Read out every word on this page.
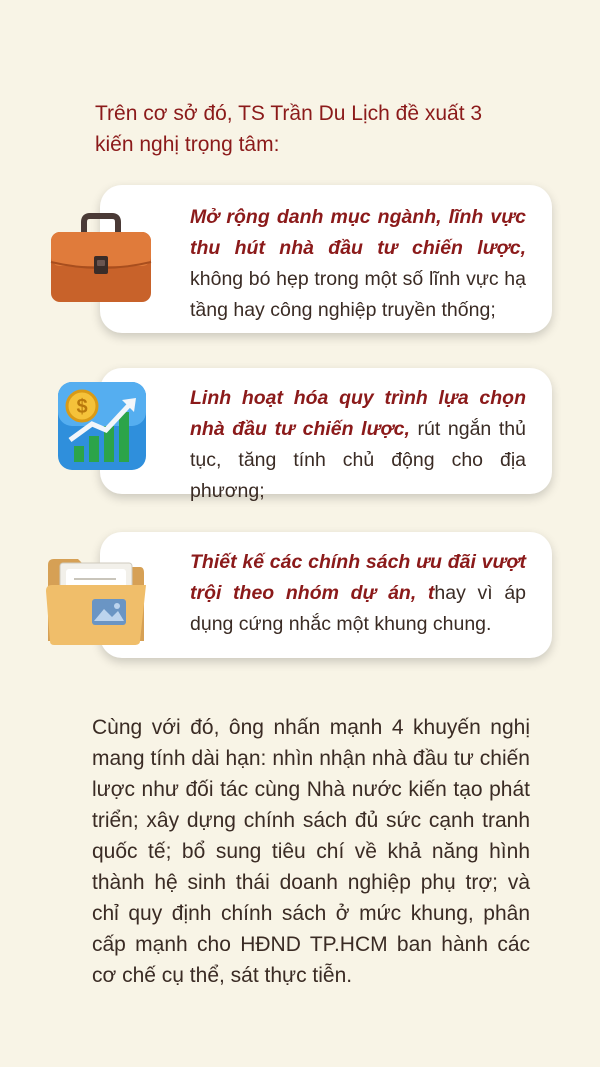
Trên cơ sở đó, TS Trần Du Lịch đề xuất 3 kiến nghị trọng tâm:
Mở rộng danh mục ngành, lĩnh vực thu hút nhà đầu tư chiến lược, không bó hẹp trong một số lĩnh vực hạ tầng hay công nghiệp truyền thống;
Linh hoạt hóa quy trình lựa chọn nhà đầu tư chiến lược, rút ngắn thủ tục, tăng tính chủ động cho địa phương;
$
Thiết kế các chính sách ưu đãi vượt trội theo nhóm dự án, thay vì áp dụng cứng nhắc một khung chung.
Cùng với đó, ông nhấn mạnh 4 khuyến nghị mang tính dài hạn: nhìn nhận nhà đầu tư chiến lược như đối tác cùng Nhà nước kiến tạo phát triển; xây dựng chính sách đủ sức cạnh tranh quốc tế; bổ sung tiêu chí về khả năng hình thành hệ sinh thái doanh nghiệp phụ trợ; và chỉ quy định chính sách ở mức khung, phân cấp mạnh cho HĐND TP.HCM ban hành các cơ chế cụ thể, sát thực tiễn.
